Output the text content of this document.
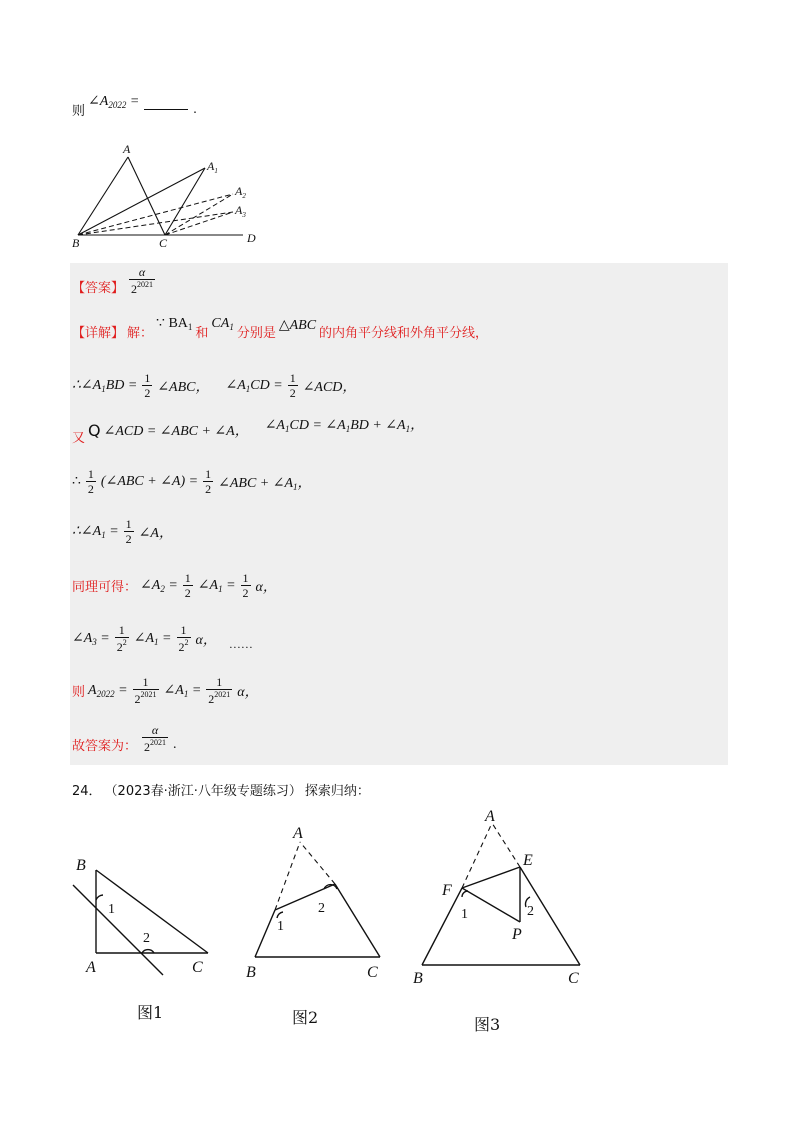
则
$\angle A_{2022}$ =	.
A
$A_1$
$A_2$
$A_3$
B	C	D
【答案】 $\frac{\alpha}{2^{2021}}$
【详解】 解：
∵ $BA_1$ 和
$CA_1$ 分别是
△ABC
的内角平分线和外角平分线，
$\therefore\angle A_1BD = \frac{1}{2}$ ∠ABC， $\angle A_1CD = \frac{1}{2}$ ∠ACD，
又 Q ∠ACD = ∠ABC + ∠A， $\angle A_1CD$ = $\angle A_1BD$ + $\angle A_1$，
∴ $\frac{1}{2}$ (∠ABC + ∠A) = $\frac{1}{2}$ ∠ABC + $\angle A_1$，
$\therefore\angle A_1 = \frac{1}{2}$ ∠A，
同理可得： $\angle A_2 = \frac{1}{2}$ $\angle A_1 = \frac{1}{2}$ α，
$\angle A_3 = \frac{1}{2^2}$ $\angle A_1 = \frac{1}{2^2}$ α， ……
则 $A_{2022} = \frac{1}{2^{2021}}$ $\angle A_1 = \frac{1}{2^{2021}}$ α，
故答案为： $\frac{\alpha}{2^{2021}}$ .
24． （2023春·浙江·八年级专题练习） 探索归纳：
B
A	C
1
2
图1
A
B	C
1
2
图2
A
E
F
P
B	C
1	2
图3
